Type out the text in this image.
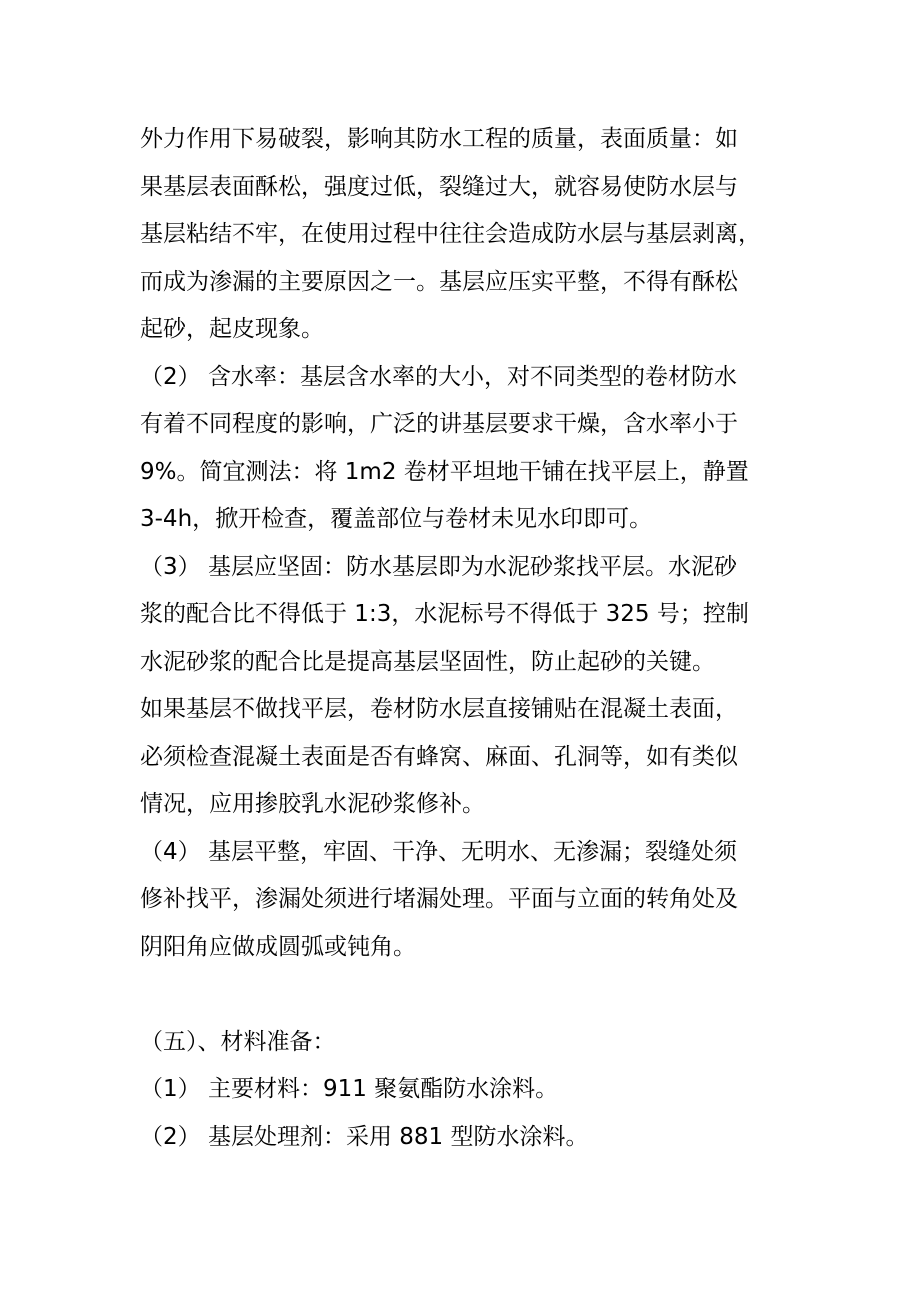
外力作用下易破裂，影响其防水工程的质量，表面质量：如
果基层表面酥松，强度过低，裂缝过大，就容易使防水层与
基层粘结不牢，在使用过程中往往会造成防水层与基层剥离，
而成为渗漏的主要原因之一。基层应压实平整，不得有酥松
起砂，起皮现象。
（2） 含水率：基层含水率的大小，对不同类型的卷材防水
有着不同程度的影响，广泛的讲基层要求干燥，含水率小于
9%。简宜测法：将 1m2 卷材平坦地干铺在找平层上，静置
3-4h，掀开检查，覆盖部位与卷材未见水印即可。
（3） 基层应坚固：防水基层即为水泥砂浆找平层。水泥砂
浆的配合比不得低于 1:3，水泥标号不得低于 325 号；控制
水泥砂浆的配合比是提高基层坚固性，防止起砂的关键。
如果基层不做找平层，卷材防水层直接铺贴在混凝土表面，
必须检查混凝土表面是否有蜂窝、麻面、孔洞等，如有类似
情况，应用掺胶乳水泥砂浆修补。
（4） 基层平整，牢固、干净、无明水、无渗漏；裂缝处须
修补找平，渗漏处须进行堵漏处理。平面与立面的转角处及
阴阳角应做成圆弧或钝角。
（五）、材料准备：
（1） 主要材料：911 聚氨酯防水涂料。
（2） 基层处理剂：采用 881 型防水涂料。
